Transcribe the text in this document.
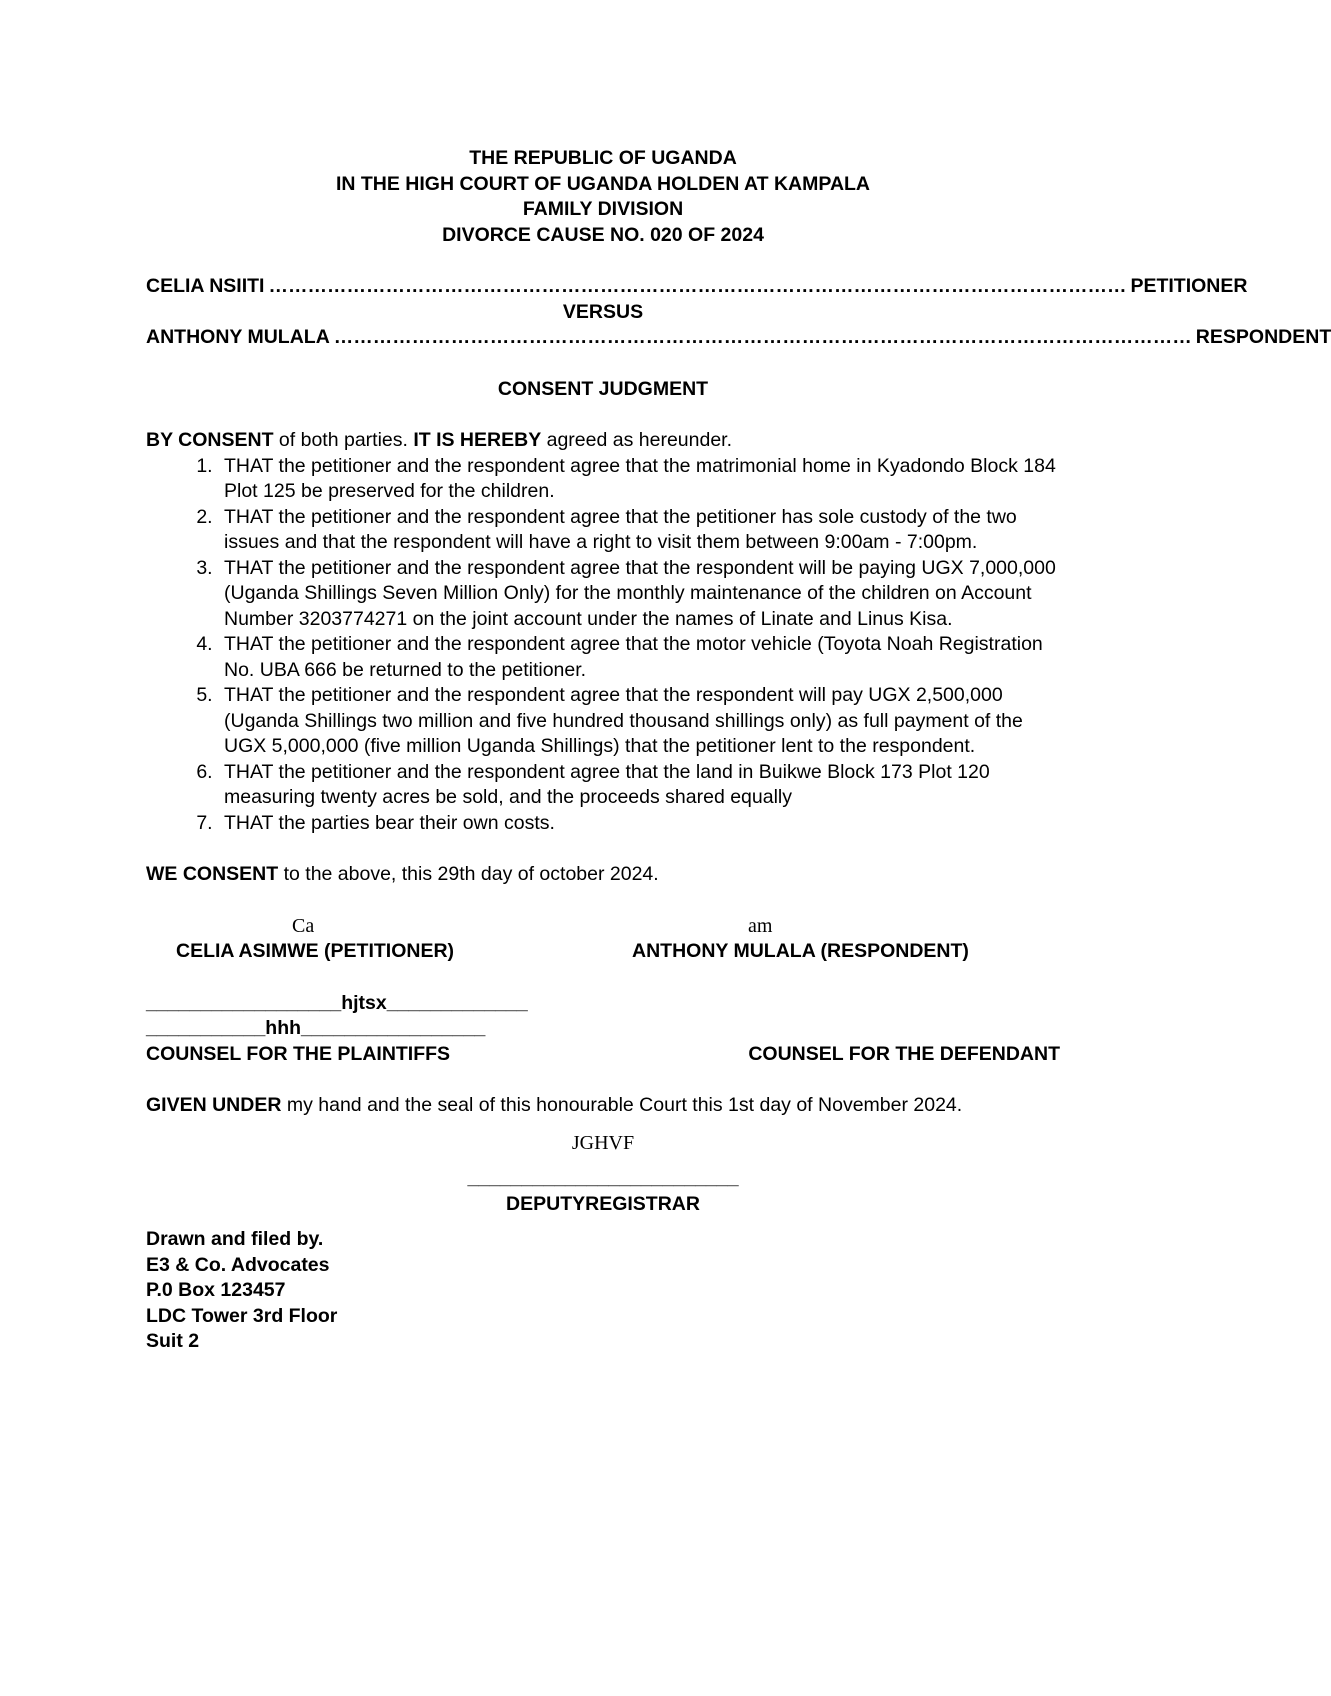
THE REPUBLIC OF UGANDA
IN THE HIGH COURT OF UGANDA HOLDEN AT KAMPALA
FAMILY DIVISION
DIVORCE CAUSE NO. 020 OF 2024
CELIA NSIITI …………………………………………………………………………………………………………………… PETITIONER
VERSUS
ANTHONY MULALA …………………………………………………………………………………………………………………… RESPONDENT
CONSENT JUDGMENT
BY CONSENT of both parties. IT IS HEREBY agreed as hereunder.
1. THAT the petitioner and the respondent agree that the matrimonial home in Kyadondo Block 184 Plot 125 be preserved for the children.
2. THAT the petitioner and the respondent agree that the petitioner has sole custody of the two issues and that the respondent will have a right to visit them between 9:00am - 7:00pm.
3. THAT the petitioner and the respondent agree that the respondent will be paying UGX 7,000,000 (Uganda Shillings Seven Million Only) for the monthly maintenance of the children on Account Number 3203774271 on the joint account under the names of Linate and Linus Kisa.
4. THAT the petitioner and the respondent agree that the motor vehicle (Toyota Noah Registration No. UBA 666 be returned to the petitioner.
5. THAT the petitioner and the respondent agree that the respondent will pay UGX 2,500,000 (Uganda Shillings two million and five hundred thousand shillings only) as full payment of the UGX 5,000,000 (five million Uganda Shillings) that the petitioner lent to the respondent.
6. THAT the petitioner and the respondent agree that the land in Buikwe Block 173 Plot 120 measuring twenty acres be sold, and the proceeds shared equally
7. THAT the parties bear their own costs.
WE CONSENT to the above, this 29th day of october 2024.
Ca	am
CELIA ASIMWE (PETITIONER)	ANTHONY MULALA (RESPONDENT)
__________________hjtsx_____________
___________hhh_________________
COUNSEL FOR THE PLAINTIFFS	COUNSEL FOR THE DEFENDANT
GIVEN UNDER my hand and the seal of this honourable Court this 1st day of November 2024.
JGHVF
_________________________
DEPUTYREGISTRAR
Drawn and filed by.
E3 & Co. Advocates
P.0 Box 123457
LDC Tower 3rd Floor
Suit 2
